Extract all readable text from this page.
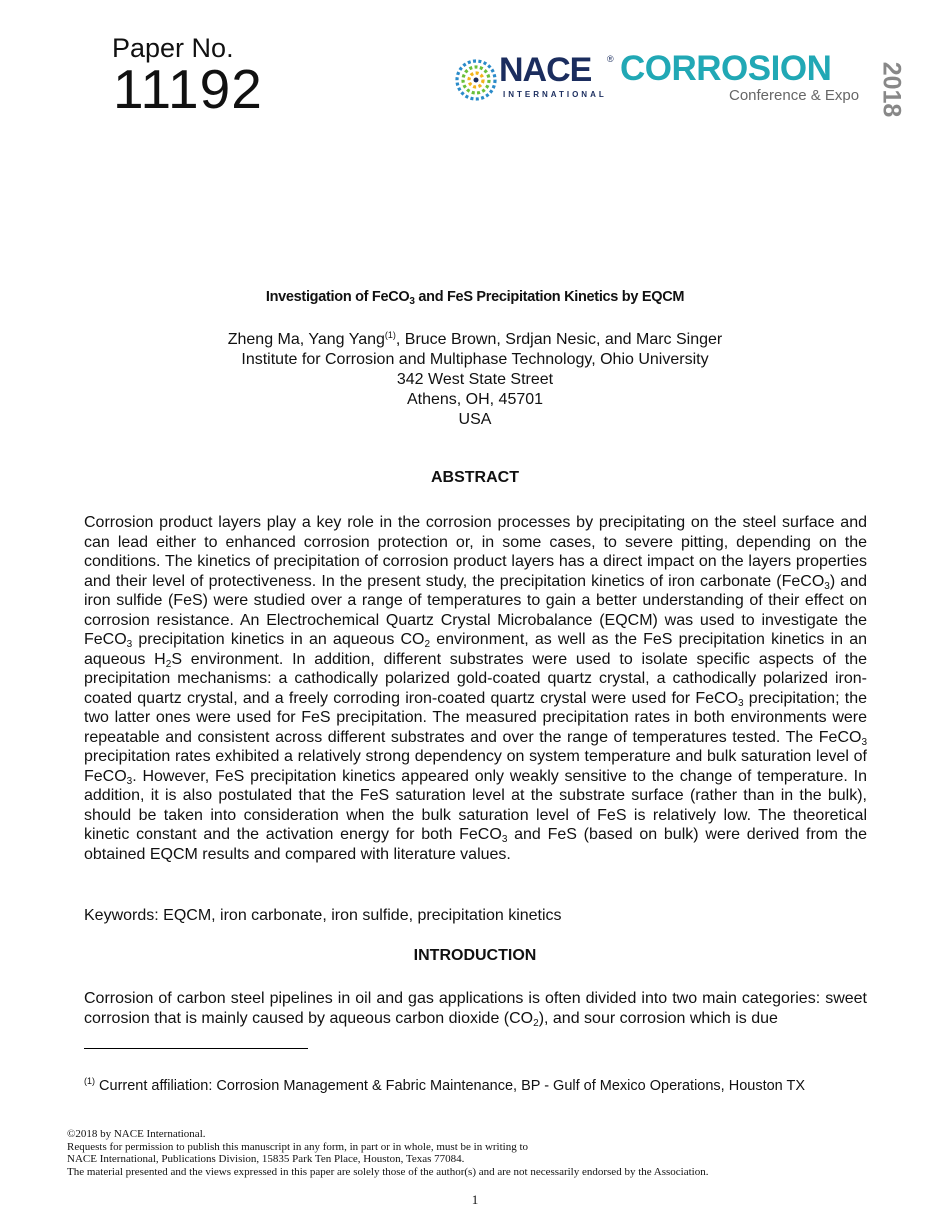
Paper No.
11192	NACE ®
INTERNATIONAL
CORROSION
Conference & Expo 2018
Investigation of FeCO$_3$ and FeS Precipitation Kinetics by EQCM
Zheng Ma, Yang Yang$^{(1)}$, Bruce Brown, Srdjan Nesic, and Marc Singer
Institute for Corrosion and Multiphase Technology, Ohio University
342 West State Street
Athens, OH, 45701
USA
ABSTRACT
Corrosion product layers play a key role in the corrosion processes by precipitating on the steel surface and can lead either to enhanced corrosion protection or, in some cases, to severe pitting, depending on the conditions. The kinetics of precipitation of corrosion product layers has a direct impact on the layers properties and their level of protectiveness. In the present study, the precipitation kinetics of iron carbonate (FeCO$_3$) and iron sulfide (FeS) were studied over a range of temperatures to gain a better understanding of their effect on corrosion resistance. An Electrochemical Quartz Crystal Microbalance (EQCM) was used to investigate the FeCO$_3$ precipitation kinetics in an aqueous $CO_2$ environment, as well as the FeS precipitation kinetics in an aqueous $H_2S$ environment. In addition, different substrates were used to isolate specific aspects of the precipitation mechanisms: a cathodically polarized gold-coated quartz crystal, a cathodically polarized iron-coated quartz crystal, and a freely corroding iron-coated quartz crystal were used for FeCO$_3$ precipitation; the two latter ones were used for FeS precipitation. The measured precipitation rates in both environments were repeatable and consistent across different substrates and over the range of temperatures tested. The FeCO$_3$ precipitation rates exhibited a relatively strong dependency on system temperature and bulk saturation level of FeCO$_3$. However, FeS precipitation kinetics appeared only weakly sensitive to the change of temperature. In addition, it is also postulated that the FeS saturation level at the substrate surface (rather than in the bulk), should be taken into consideration when the bulk saturation level of FeS is relatively low. The theoretical kinetic constant and the activation energy for both FeCO$_3$ and FeS (based on bulk) were derived from the obtained EQCM results and compared with literature values.
Keywords: EQCM, iron carbonate, iron sulfide, precipitation kinetics
INTRODUCTION
Corrosion of carbon steel pipelines in oil and gas applications is often divided into two main categories: sweet corrosion that is mainly caused by aqueous carbon dioxide $(CO_2)$, and sour corrosion which is due
$^{(1)}$ Current affiliation: Corrosion Management & Fabric Maintenance, BP - Gulf of Mexico Operations, Houston TX
©2018 by NACE International.
Requests for permission to publish this manuscript in any form, in part or in whole, must be in writing to
NACE International, Publications Division, 15835 Park Ten Place, Houston, Texas 77084.
The material presented and the views expressed in this paper are solely those of the author(s) and are not necessarily endorsed by the Association.
1
